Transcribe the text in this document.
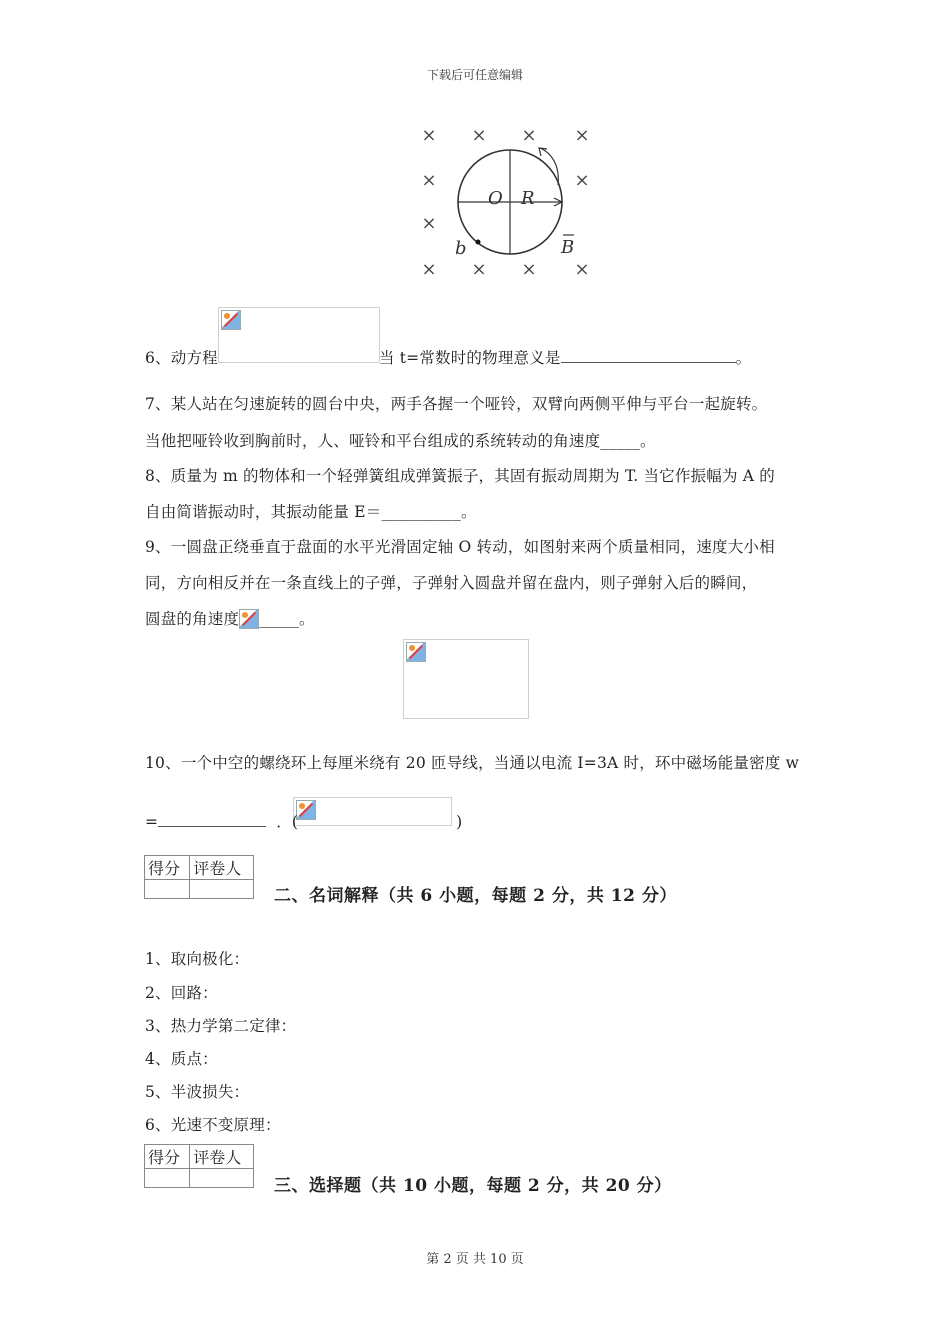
下载后可任意编辑
× × × ×
×	×
×
× × × ×
O R
b	B
6、动方程	当 t=常数时的物理意义是	。
7、某人站在匀速旋转的圆台中央，两手各握一个哑铃，双臂向两侧平伸与平台一起旋转。
当他把哑铃收到胸前时，人、哑铃和平台组成的系统转动的角速度_____。
8、质量为 m 的物体和一个轻弹簧组成弹簧振子，其固有振动周期为 T. 当它作振幅为 A 的
自由简谐振动时，其振动能量 E＝__________。
9、一圆盘正绕垂直于盘面的水平光滑固定轴 O 转动，如图射来两个质量相同，速度大小相
同，方向相反并在一条直线上的子弹，子弹射入圆盘并留在盘内，则子弹射入后的瞬间，
圆盘的角速度 _____。
10、一个中空的螺绕环上每厘米绕有 20 匝导线，当通以电流 I=3A 时，环中磁场能量密度 w
=	．(	)
得分	评卷人

二、名词解释（共 6 小题，每题 2 分，共 12 分）
1、取向极化：
2、回路：
3、热力学第二定律：
4、质点：
5、半波损失：
6、光速不变原理：
得分	评卷人

三、选择题（共 10 小题，每题 2 分，共 20 分）
第 2 页 共 10 页
